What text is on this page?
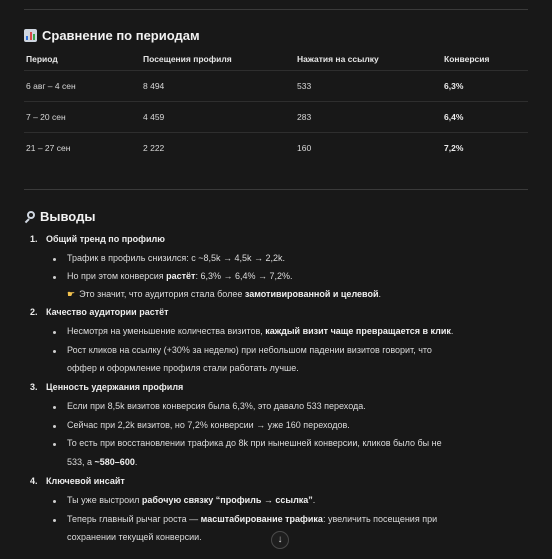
Сравнение по периодам
Период	Посещения профиля	Нажатия на ссылку	Конверсия
6 авг – 4 сен	8 494	533	6,3%
7 – 20 сен	4 459	283	6,4%
21 – 27 сен	2 222	160	7,2%
Выводы
1. Общий тренд по профилю
Трафик в профиль снизился: с ~8,5k → 4,5k → 2,2k.
Но при этом конверсия растёт: 6,3% → 6,4% → 7,2%.
☛ Это значит, что аудитория стала более замотивированной и целевой.
2. Качество аудитории растёт
Несмотря на уменьшение количества визитов, каждый визит чаще превращается в клик.
Рост кликов на ссылку (+30% за неделю) при небольшом падении визитов говорит, что
оффер и оформление профиля стали работать лучше.
3. Ценность удержания профиля
Если при 8,5k визитов конверсия была 6,3%, это давало 533 перехода.
Сейчас при 2,2k визитов, но 7,2% конверсии → уже 160 переходов.
То есть при восстановлении трафика до 8k при нынешней конверсии, кликов было бы не
533, а ~580–600.
4. Ключевой инсайт
Ты уже выстроил рабочую связку “профиль → ссылка”.
Теперь главный рычаг роста — масштабирование трафика: увеличить посещения при
сохранении текущей конверсии.	↓
